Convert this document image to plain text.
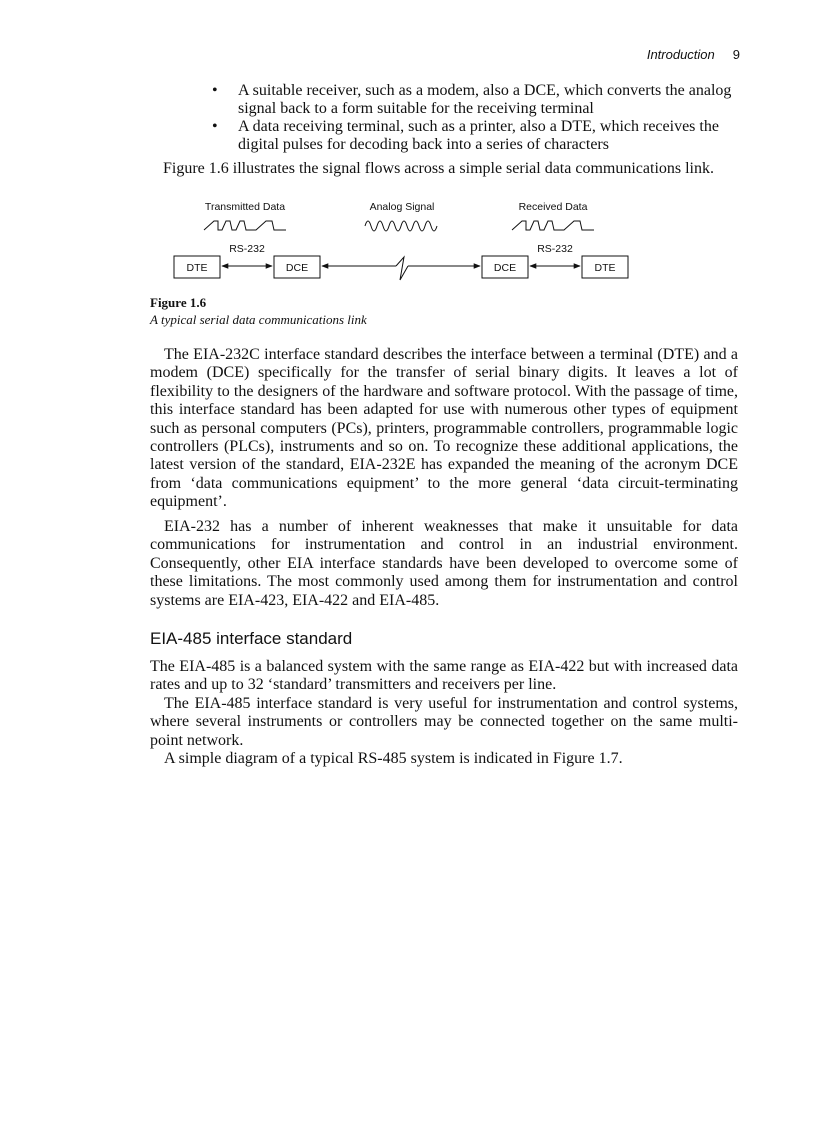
Introduction 9
• A suitable receiver, such as a modem, also a DCE, which converts the analog signal back to a form suitable for the receiving terminal
• A data receiving terminal, such as a printer, also a DTE, which receives the digital pulses for decoding back into a series of characters

Figure 1.6 illustrates the signal flows across a simple serial data communications link.

Transmitted Data	Analog Signal	Received Data
RS-232	RS-232
DTE	DCE	DCE	DTE
Figure 1.6
A typical serial data communications link

The EIA-232C interface standard describes the interface between a terminal (DTE) and a modem (DCE) specifically for the transfer of serial binary digits. It leaves a lot of flexibility to the designers of the hardware and software protocol. With the passage of time, this interface standard has been adapted for use with numerous other types of equipment such as personal computers (PCs), printers, programmable controllers, programmable logic controllers (PLCs), instruments and so on. To recognize these additional applications, the latest version of the standard, EIA-232E has expanded the meaning of the acronym DCE from ‘data communications equipment’ to the more general ‘data circuit-terminating equipment’.

EIA-232 has a number of inherent weaknesses that make it unsuitable for data communications for instrumentation and control in an industrial environment. Consequently, other EIA interface standards have been developed to overcome some of these limitations. The most commonly used among them for instrumentation and control systems are EIA-423, EIA-422 and EIA-485.

EIA-485 interface standard

The EIA-485 is a balanced system with the same range as EIA-422 but with increased data rates and up to 32 ‘standard’ transmitters and receivers per line.

The EIA-485 interface standard is very useful for instrumentation and control systems, where several instruments or controllers may be connected together on the same multi-point network.

A simple diagram of a typical RS-485 system is indicated in Figure 1.7.
